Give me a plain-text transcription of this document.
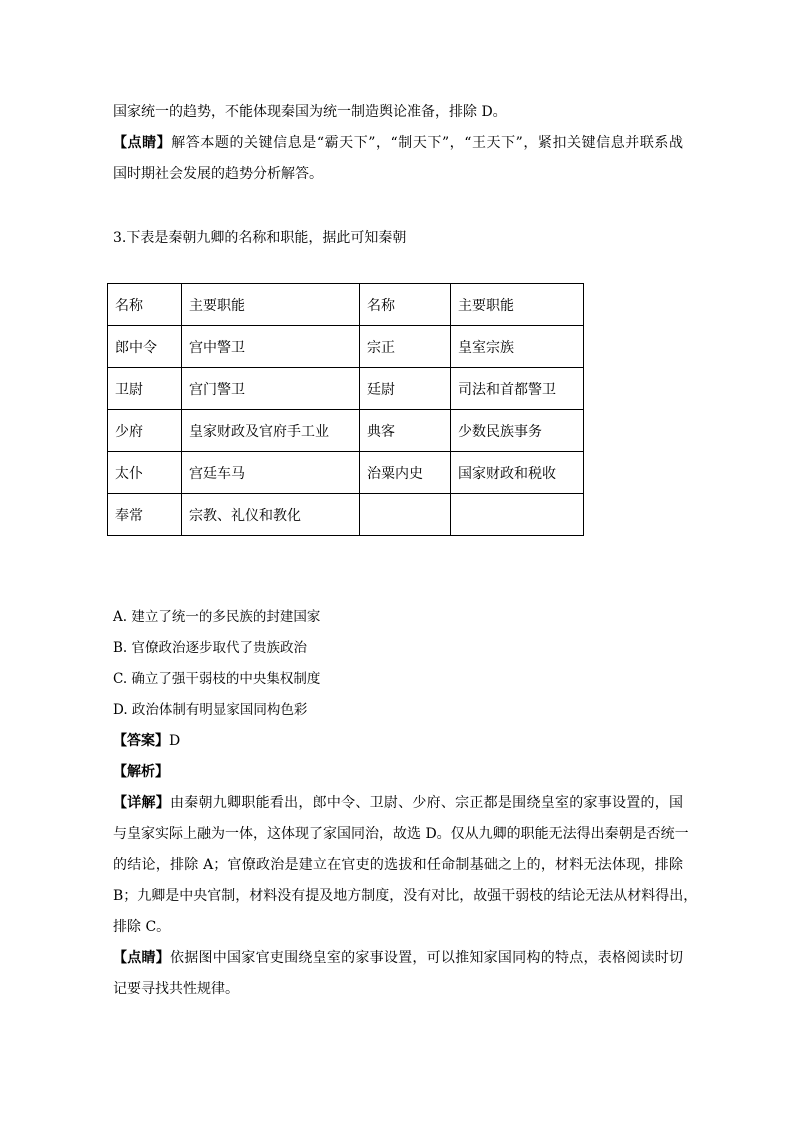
国家统一的趋势，不能体现秦国为统一制造舆论准备，排除 D。
【点睛】解答本题的关键信息是“霸天下”，“制天下”，“王天下”，紧扣关键信息并联系战
国时期社会发展的趋势分析解答。
3.下表是秦朝九卿的名称和职能，据此可知秦朝
名称	主要职能	名称	主要职能
郎中令	宫中警卫	宗正	皇室宗族
卫尉	宫门警卫	廷尉	司法和首都警卫
少府	皇家财政及官府手工业	典客	少数民族事务
太仆	宫廷车马	治粟内史	国家财政和税收
奉常	宗教、礼仪和教化		
A. 建立了统一的多民族的封建国家
B. 官僚政治逐步取代了贵族政治
C. 确立了强干弱枝的中央集权制度
D. 政治体制有明显家国同构色彩
【答案】D
【解析】
【详解】由秦朝九卿职能看出，郎中令、卫尉、少府、宗正都是围绕皇室的家事设置的，国
与皇家实际上融为一体，这体现了家国同治，故选 D。仅从九卿的职能无法得出秦朝是否统一
的结论，排除 A；官僚政治是建立在官吏的选拔和任命制基础之上的，材料无法体现，排除
B；九卿是中央官制，材料没有提及地方制度，没有对比，故强干弱枝的结论无法从材料得出，
排除 C。
【点睛】依据图中国家官吏围绕皇室的家事设置，可以推知家国同构的特点，表格阅读时切
记要寻找共性规律。
